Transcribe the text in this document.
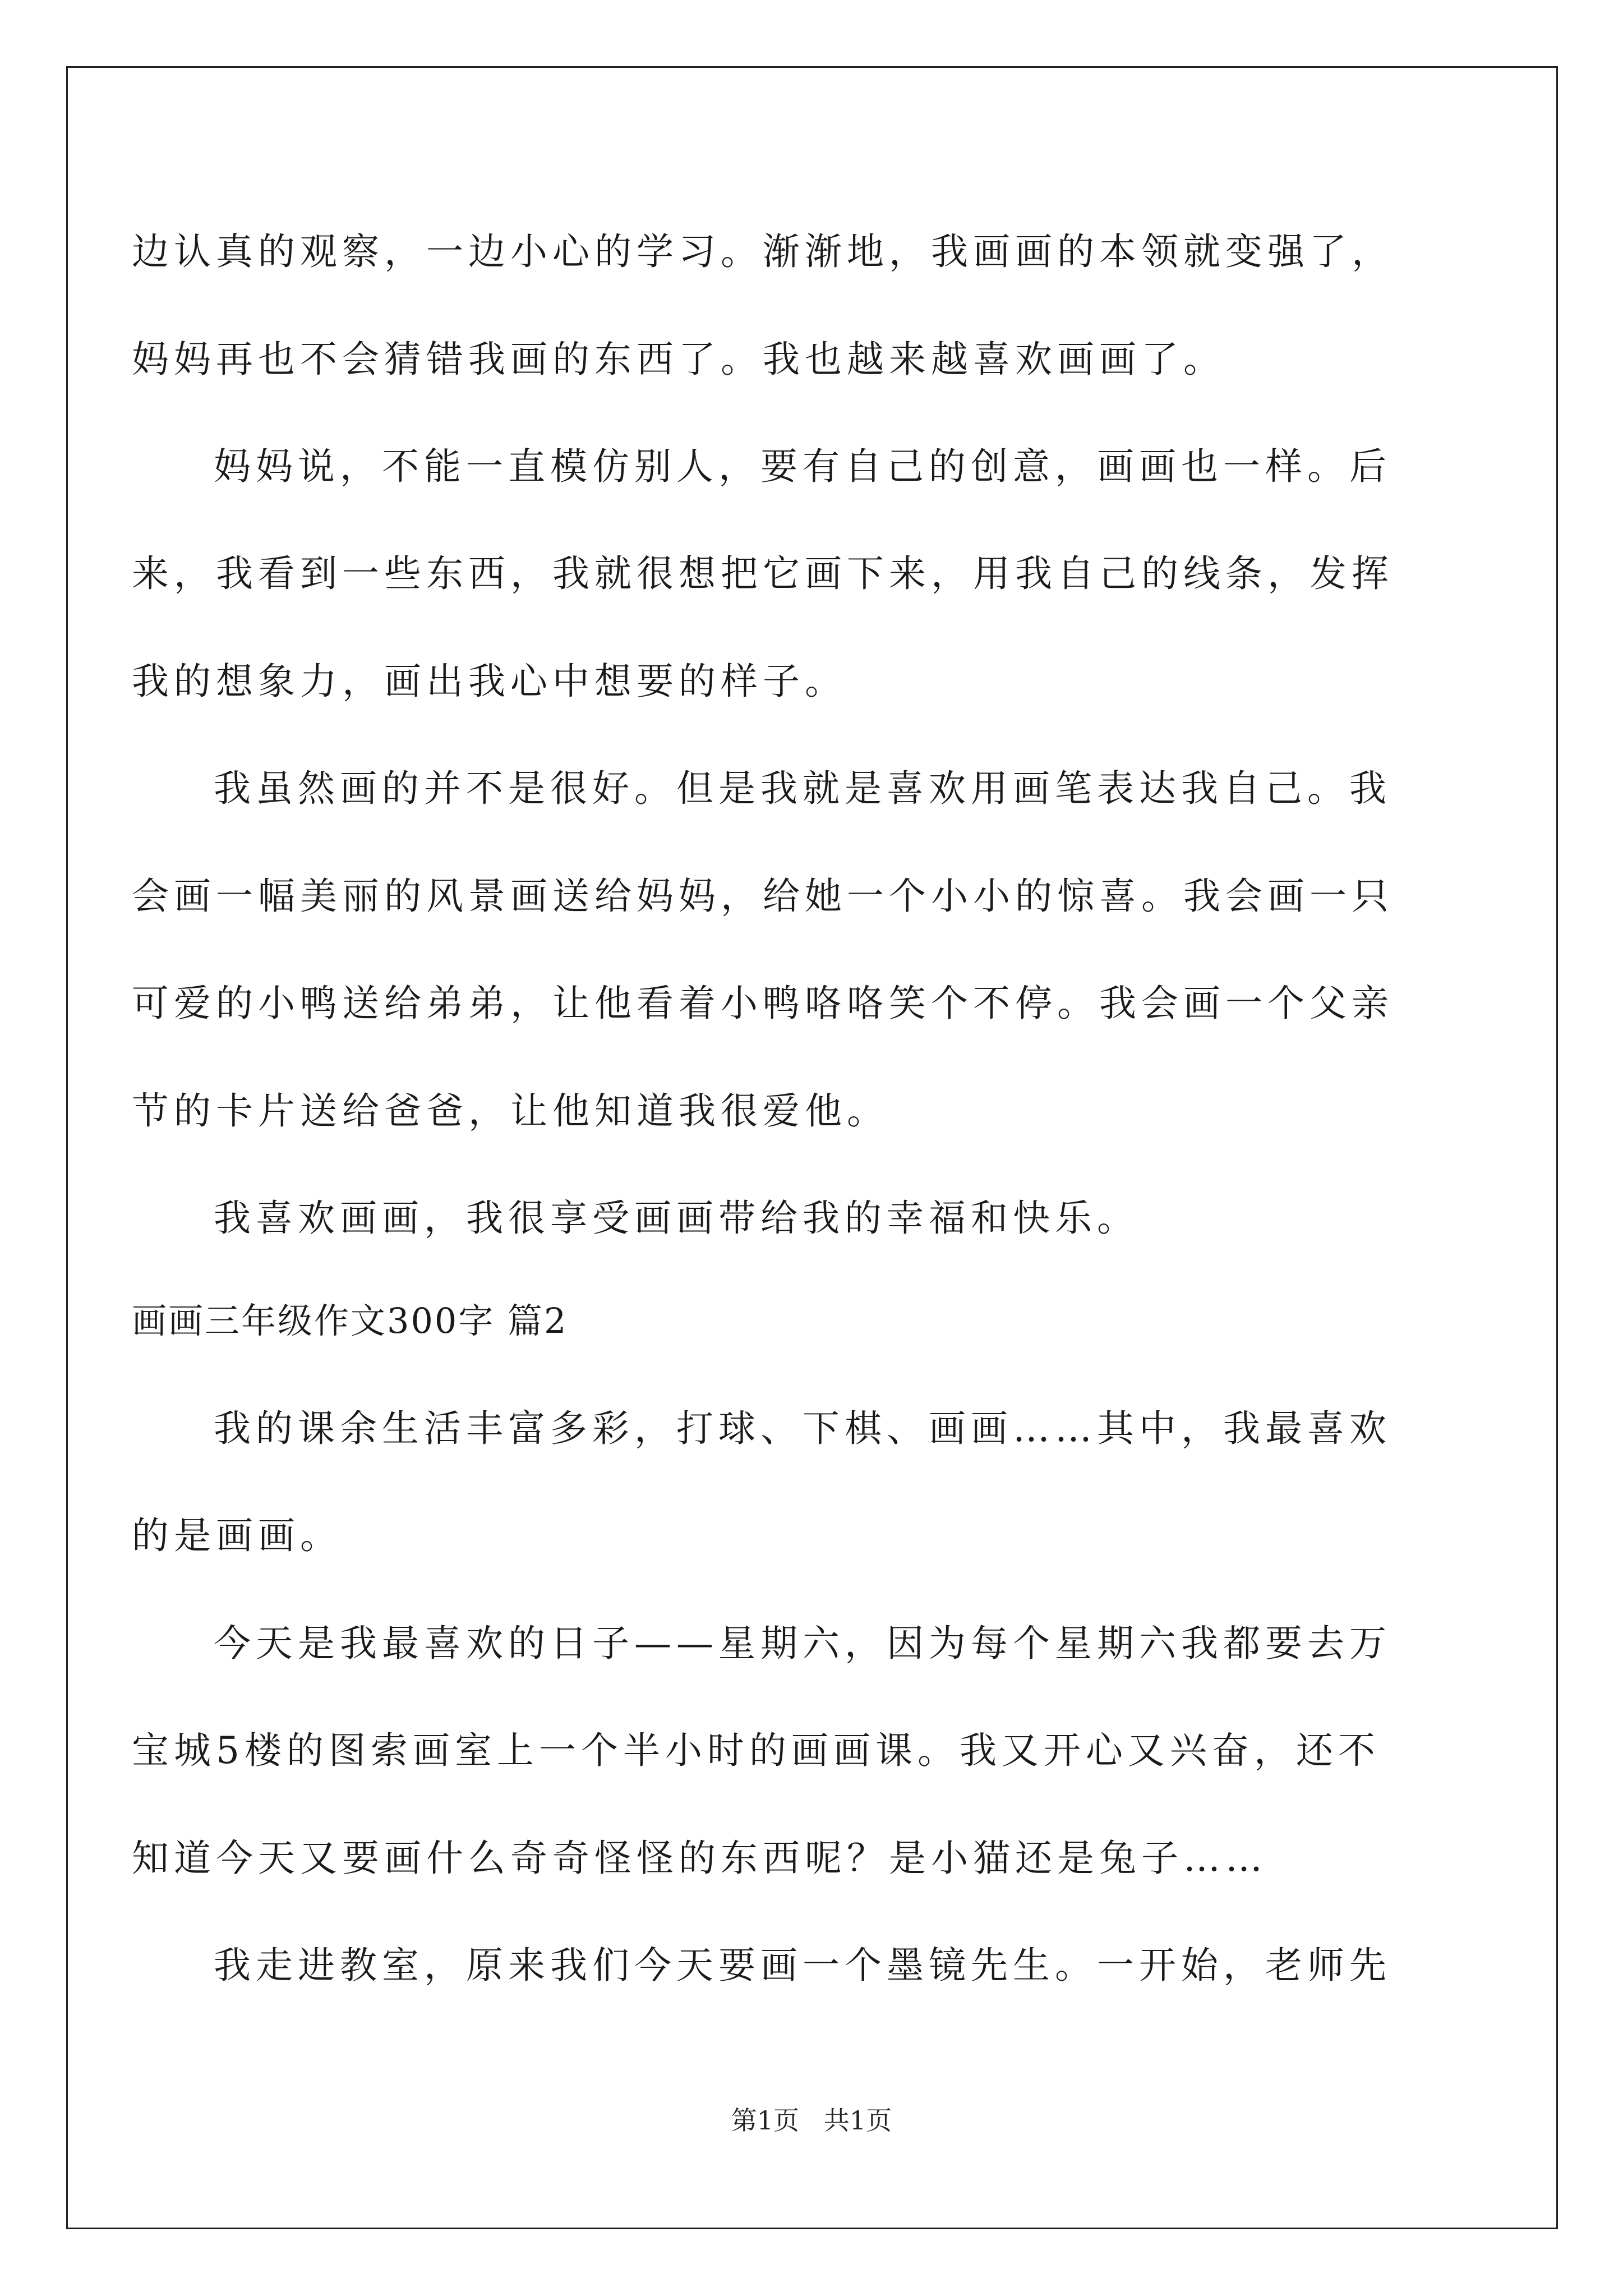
边认真的观察，一边小心的学习。渐渐地，我画画的本领就变强了，
妈妈再也不会猜错我画的东西了。我也越来越喜欢画画了。
妈妈说，不能一直模仿别人，要有自己的创意，画画也一样。后
来，我看到一些东西，我就很想把它画下来，用我自己的线条，发挥
我的想象力，画出我心中想要的样子。
我虽然画的并不是很好。但是我就是喜欢用画笔表达我自己。我
会画一幅美丽的风景画送给妈妈，给她一个小小的惊喜。我会画一只
可爱的小鸭送给弟弟，让他看着小鸭咯咯笑个不停。我会画一个父亲
节的卡片送给爸爸，让他知道我很爱他。
我喜欢画画，我很享受画画带给我的幸福和快乐。
画画三年级作文300字 篇2
我的课余生活丰富多彩，打球、下棋、画画……其中，我最喜欢
的是画画。
今天是我最喜欢的日子——星期六，因为每个星期六我都要去万
宝城5楼的图索画室上一个半小时的画画课。我又开心又兴奋，还不
知道今天又要画什么奇奇怪怪的东西呢？是小猫还是兔子……
我走进教室，原来我们今天要画一个墨镜先生。一开始，老师先
第1页   共1页
